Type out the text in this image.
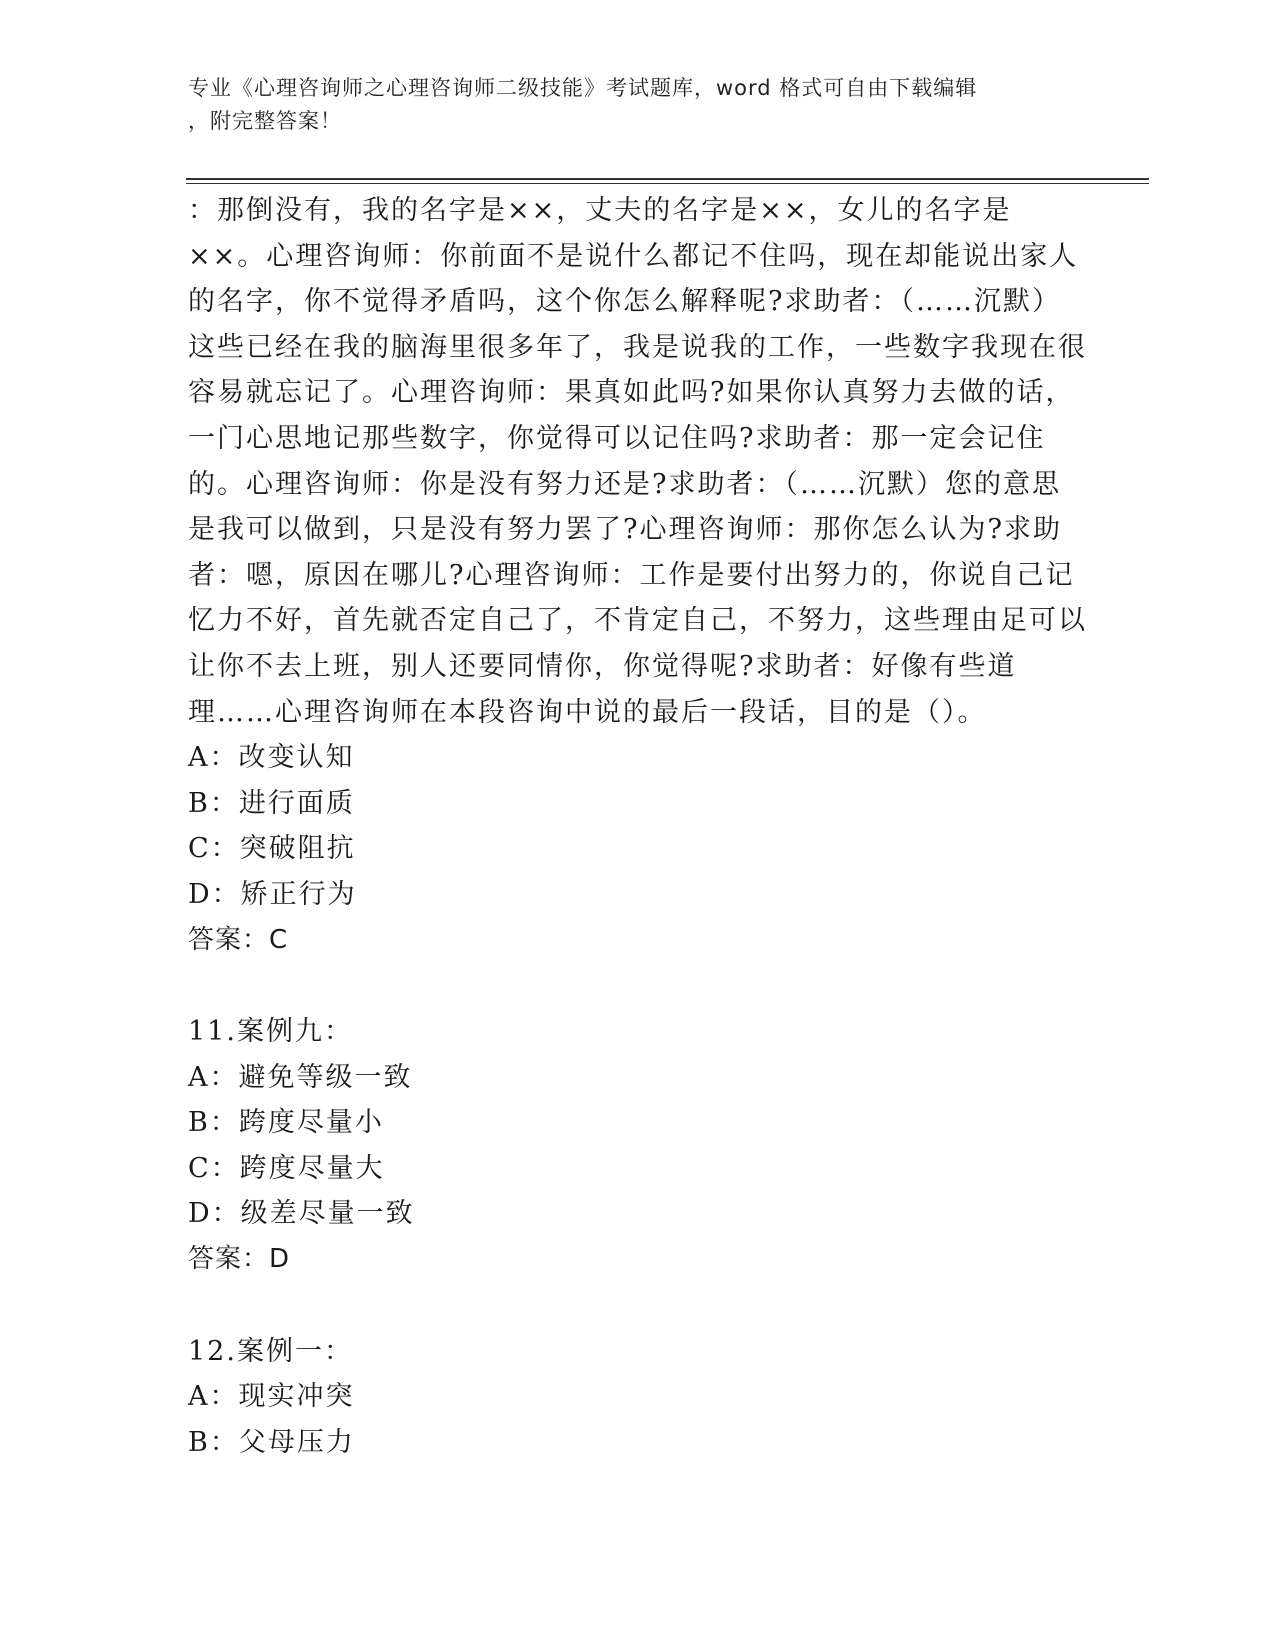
专业《心理咨询师之心理咨询师二级技能》考试题库，word 格式可自由下载编辑
，附完整答案！

：那倒没有，我的名字是××，丈夫的名字是××，女儿的名字是××。心理咨询师：你前面不是说什么都记不住吗，现在却能说出家人的名字，你不觉得矛盾吗，这个你怎么解释呢?求助者：（……沉默）这些已经在我的脑海里很多年了，我是说我的工作，一些数字我现在很容易就忘记了。心理咨询师：果真如此吗?如果你认真努力去做的话，一门心思地记那些数字，你觉得可以记住吗?求助者：那一定会记住的。心理咨询师：你是没有努力还是?求助者：（……沉默）您的意思是我可以做到，只是没有努力罢了?心理咨询师：那你怎么认为?求助者：嗯，原因在哪儿?心理咨询师：工作是要付出努力的，你说自己记忆力不好，首先就否定自己了，不肯定自己，不努力，这些理由足可以让你不去上班，别人还要同情你，你觉得呢?求助者：好像有些道理……心理咨询师在本段咨询中说的最后一段话，目的是（）。

A：改变认知

B：进行面质

C：突破阻抗

D：矫正行为

答案：C

11.案例九：

A：避免等级一致

B：跨度尽量小

C：跨度尽量大

D：级差尽量一致

答案：D

12.案例一：

A：现实冲突

B：父母压力
